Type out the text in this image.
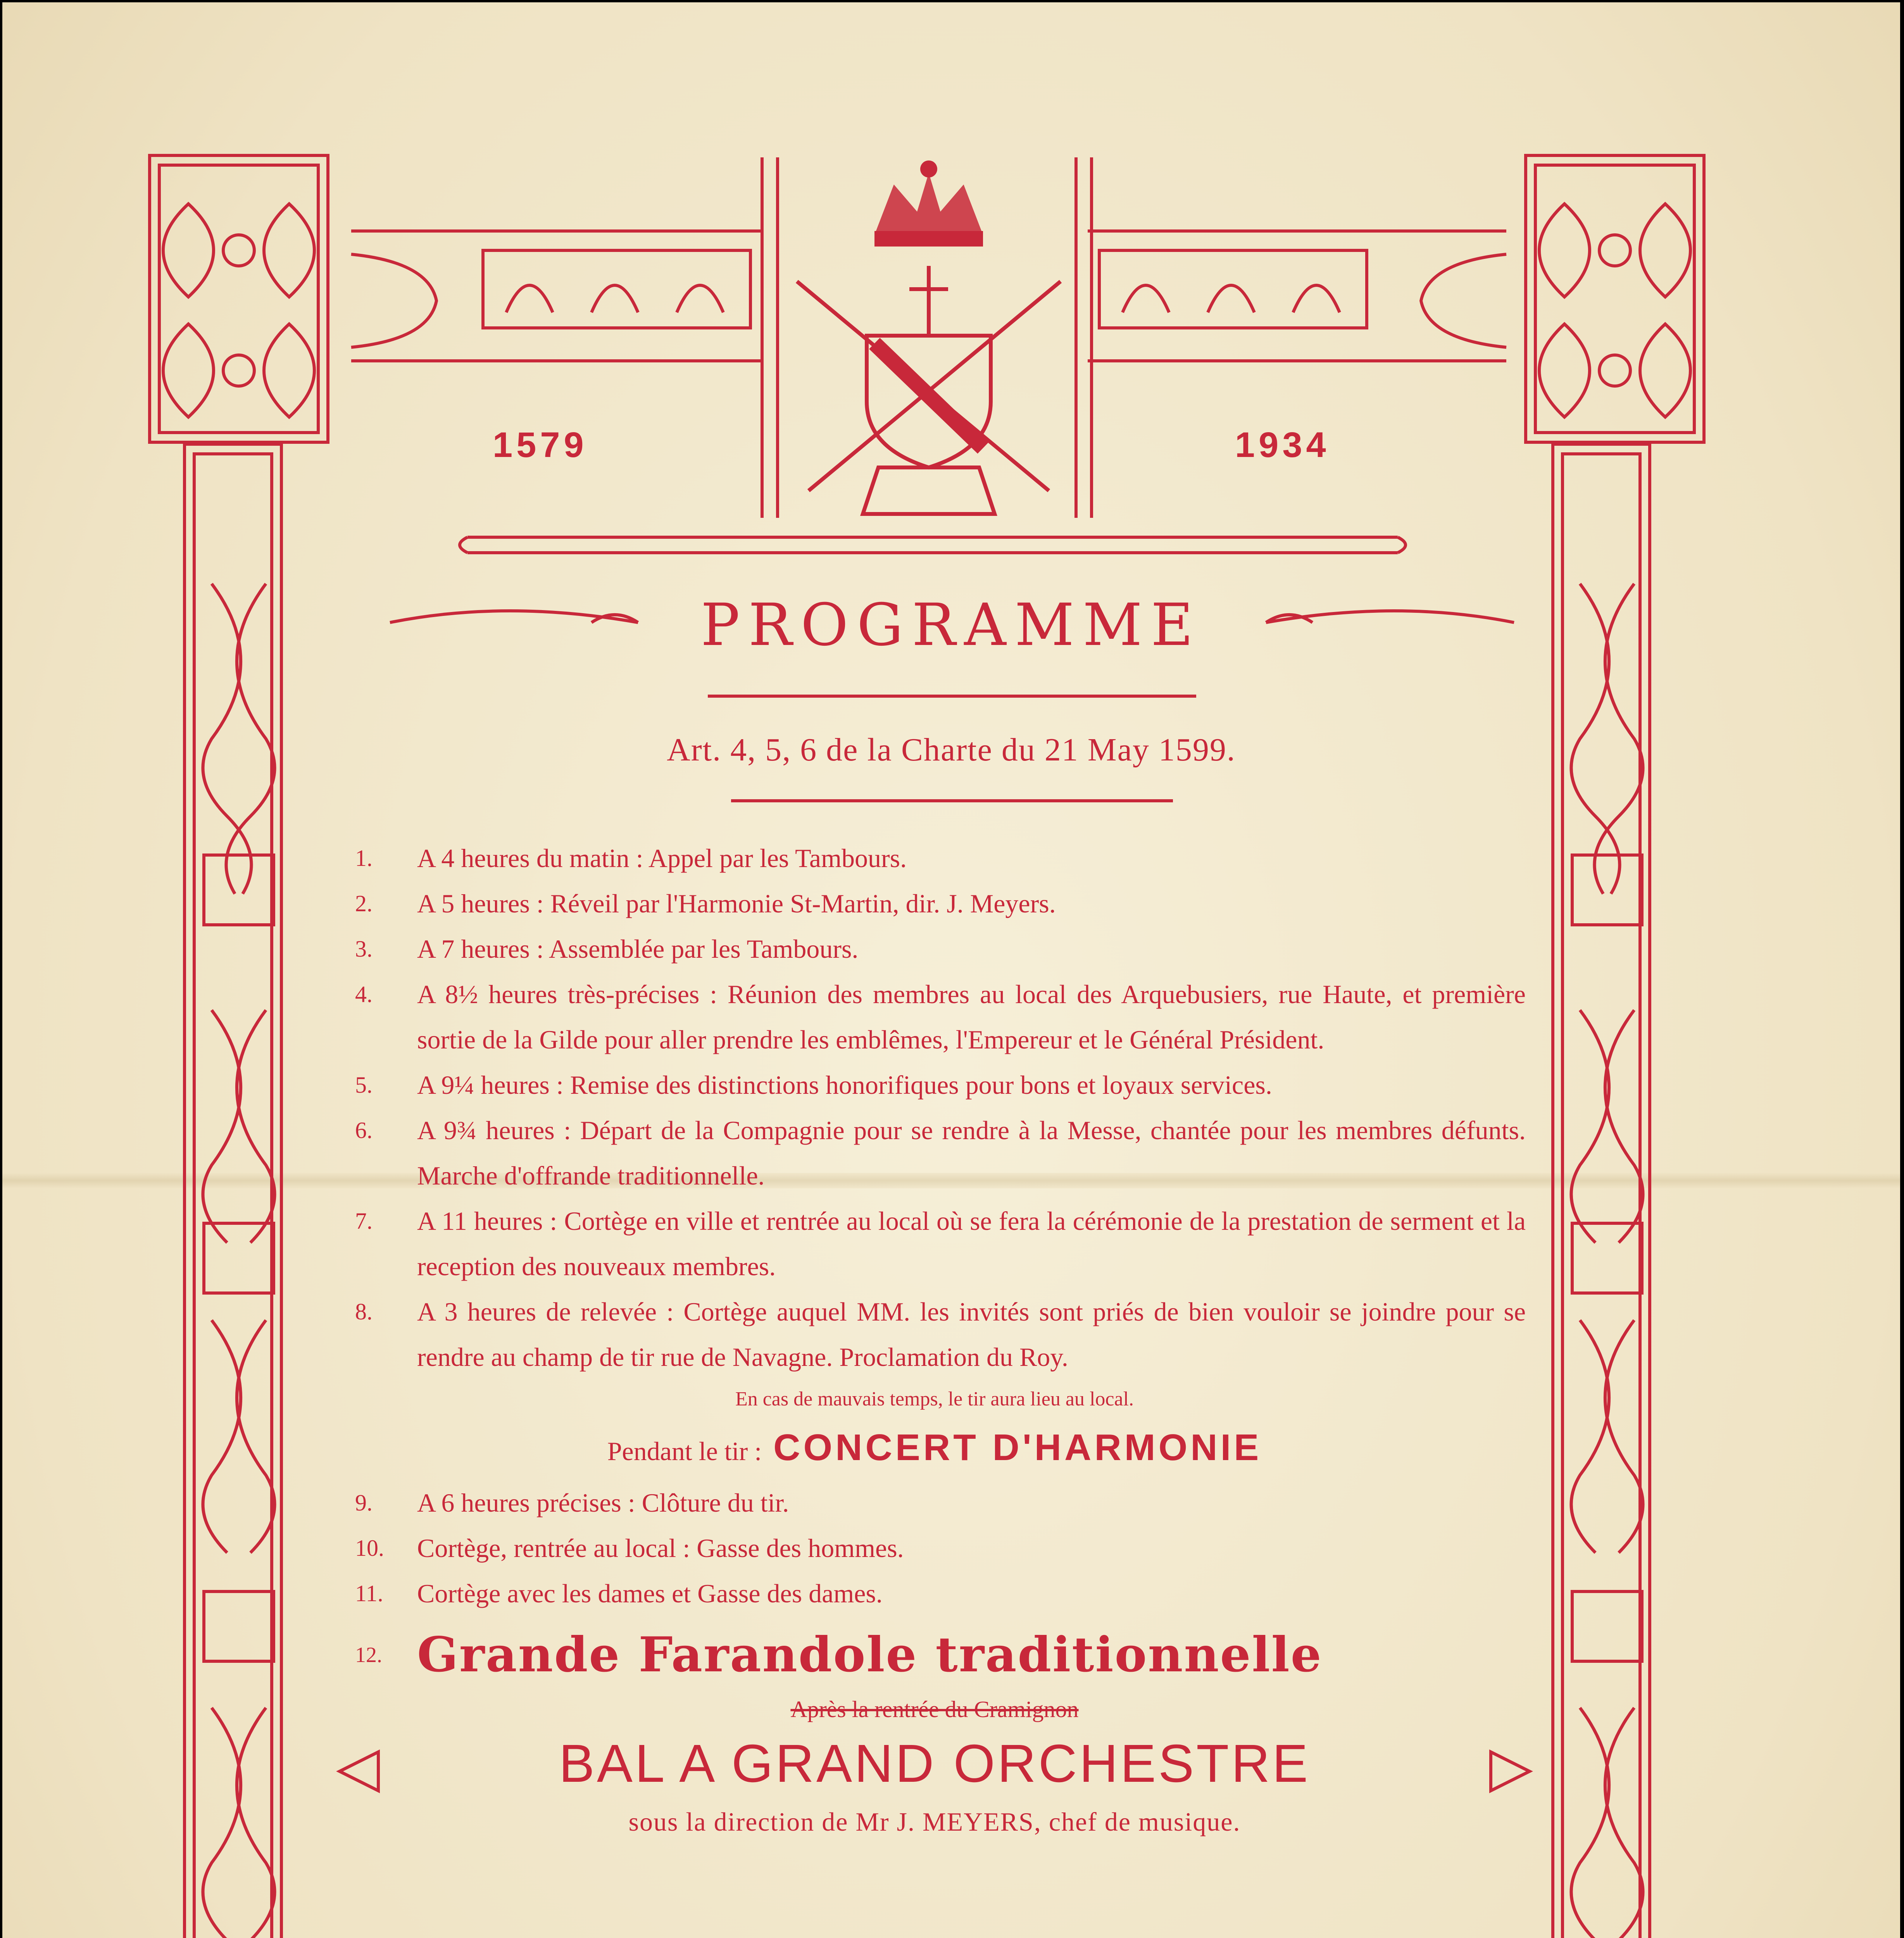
1579	1934
PROGRAMME
Art. 4, 5, 6 de la Charte du 21 May 1599.
1. A 4 heures du matin : Appel par les Tambours.
2. A 5 heures : Réveil par l'Harmonie St-Martin, dir. J. Meyers.
3. A 7 heures : Assemblée par les Tambours.
4. A 8½ heures très-précises : Réunion des membres au local des Arquebusiers, rue Haute, et première sortie de la Gilde pour aller prendre les emblêmes, l'Empereur et le Général Président.
5. A 9¼ heures : Remise des distinctions honorifiques pour bons et loyaux services.
6. A 9¾ heures : Départ de la Compagnie pour se rendre à la Messe, chantée pour les membres défunts. Marche d'offrande traditionnelle.
7. A 11 heures : Cortège en ville et rentrée au local où se fera la cérémonie de la prestation de serment et la reception des nouveaux membres.
8. A 3 heures de relevée : Cortège auquel MM. les invités sont priés de bien vouloir se joindre pour se rendre au champ de tir rue de Navagne. Proclamation du Roy.
En cas de mauvais temps, le tir aura lieu au local.
Pendant le tir : CONCERT D'HARMONIE
9. A 6 heures précises : Clôture du tir.
10. Cortège, rentrée au local : Gasse des hommes.
11. Cortège avec les dames et Gasse des dames.
12. Grande Farandole traditionnelle
Après la rentrée du Cramignon
BAL A GRAND ORCHESTRE
sous la direction de Mr J. MEYERS, chef de musique.
